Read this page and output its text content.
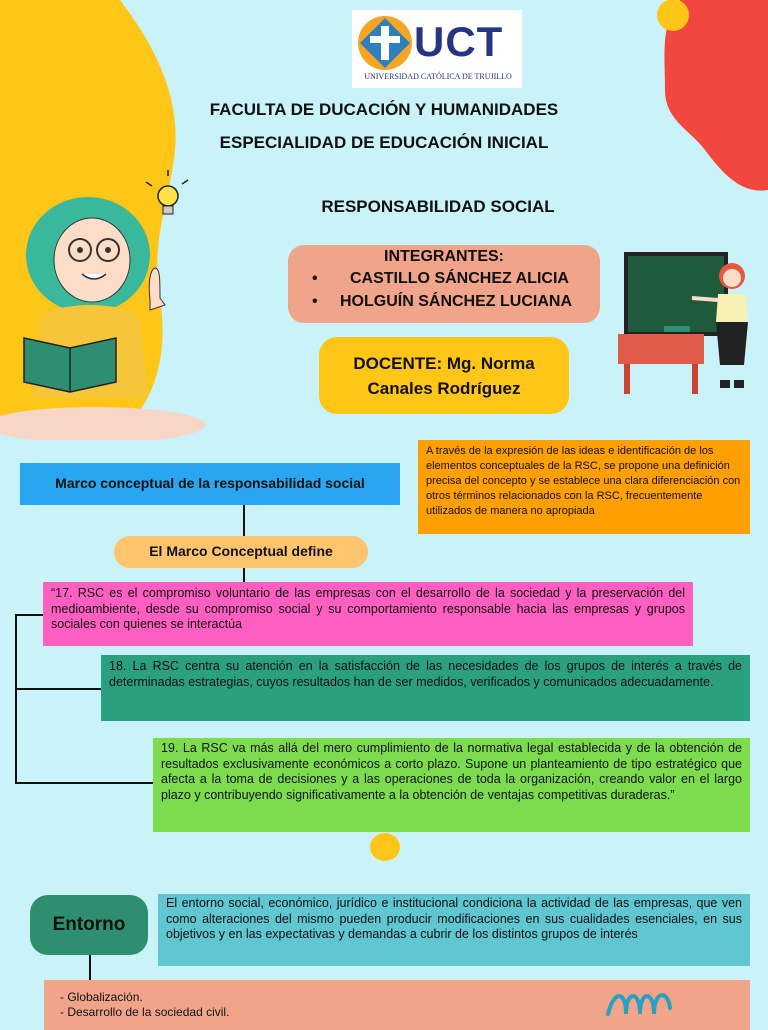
UCT
UNIVERSIDAD CATÓLICA DE TRUJILLO
FACULTA DE DUCACIÓN Y HUMANIDADES
ESPECIALIDAD DE EDUCACIÓN INICIAL
RESPONSABILIDAD SOCIAL
INTEGRANTES:
• CASTILLO SÁNCHEZ ALICIA
• HOLGUÍN SÁNCHEZ LUCIANA
DOCENTE: Mg. Norma
Canales Rodríguez
Marco conceptual de la responsabilidad social
A través de la expresión de las ideas e identificación de los elementos conceptuales de la RSC, se propone una definición precisa del concepto y se establece una clara diferenciación con otros términos relacionados con la RSC, frecuentemente utilizados de manera no apropiada
El Marco Conceptual define
“17. RSC es el compromiso voluntario de las empresas con el desarrollo de la sociedad y la preservación del medioambiente, desde su compromiso social y su comportamiento responsable hacia las empresas y grupos sociales con quienes se interactúa
18. La RSC centra su atención en la satisfacción de las necesidades de los grupos de interés a través de determinadas estrategias, cuyos resultados han de ser medidos, verificados y comunicados adecuadamente.
19. La RSC va más allá del mero cumplimiento de la normativa legal establecida y de la obtención de resultados exclusivamente económicos a corto plazo. Supone un planteamiento de tipo estratégico que afecta a la toma de decisiones y a las operaciones de toda la organización, creando valor en el largo plazo y contribuyendo significativamente a la obtención de ventajas competitivas duraderas.”
Entorno
El entorno social, económico, jurídico e institucional condiciona la actividad de las empresas, que ven como alteraciones del mismo pueden producir modificaciones en sus cualidades esenciales, en sus objetivos y en las expectativas y demandas a cubrir de los distintos grupos de interés
- Globalización.
- Desarrollo de la sociedad civil.
